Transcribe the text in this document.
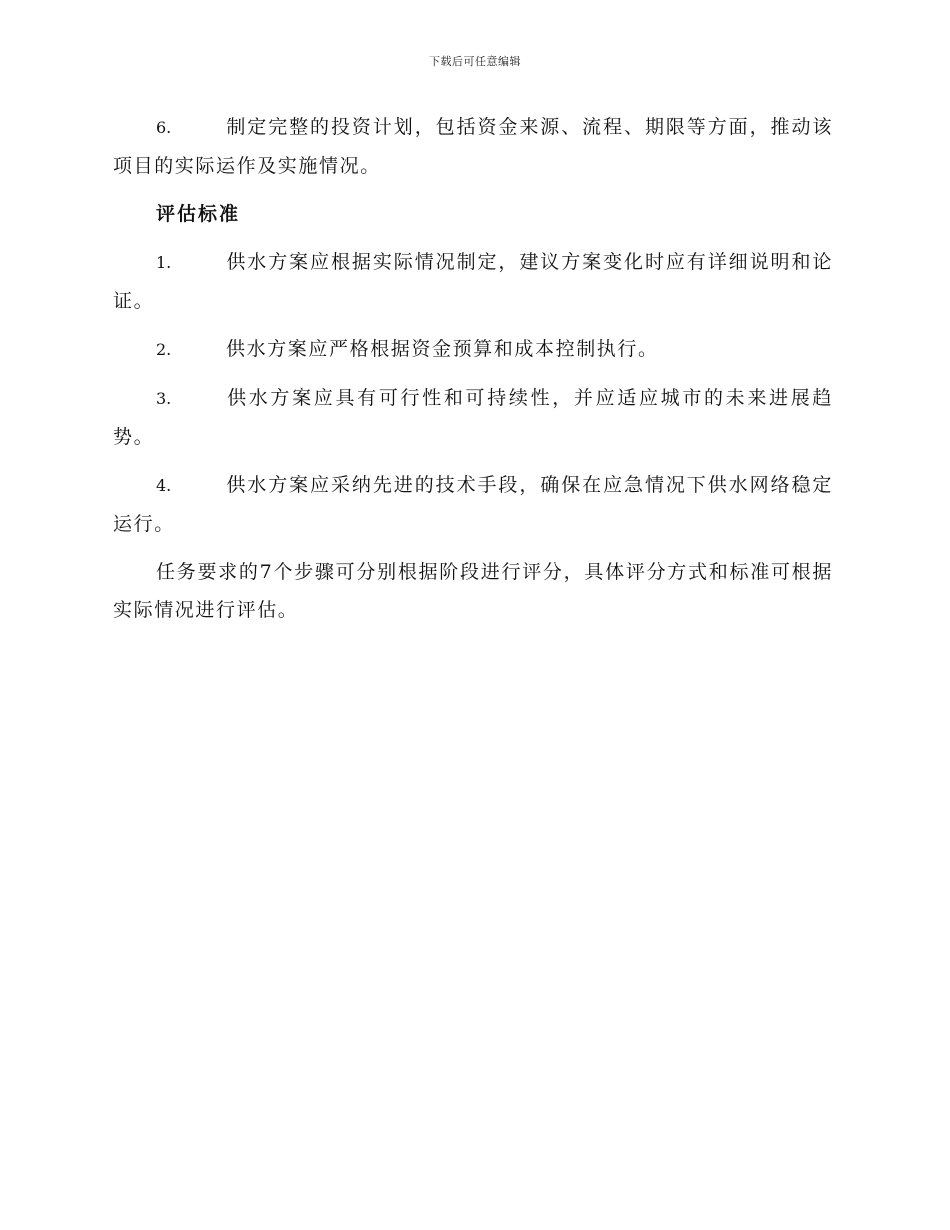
下载后可任意编辑

6.	制定完整的投资计划，包括资金来源、流程、期限等方面，推动该项目的实际运作及实施情况。

评估标准

1.	供水方案应根据实际情况制定，建议方案变化时应有详细说明和论证。

2.	供水方案应严格根据资金预算和成本控制执行。

3.	供水方案应具有可行性和可持续性，并应适应城市的未来进展趋势。

4.	供水方案应采纳先进的技术手段，确保在应急情况下供水网络稳定运行。

任务要求的7个步骤可分别根据阶段进行评分，具体评分方式和标准可根据实际情况进行评估。
